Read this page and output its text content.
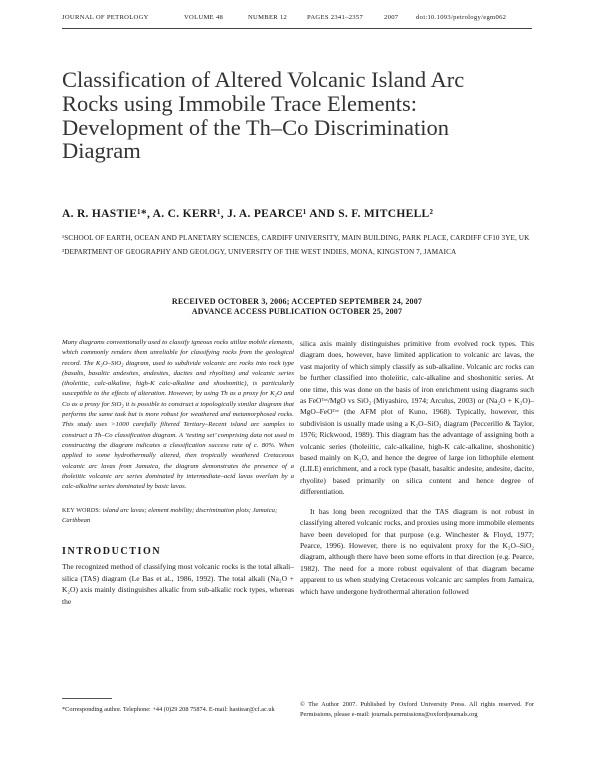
JOURNAL OF PETROLOGY	VOLUME 48	NUMBER 12	PAGES 2341–2357	2007	doi:10.1093/petrology/egm062
Classification of Altered Volcanic Island Arc
Rocks using Immobile Trace Elements:
Development of the Th–Co Discrimination
Diagram
A. R. HASTIE¹*, A. C. KERR¹, J. A. PEARCE¹ AND S. F. MITCHELL²
¹SCHOOL OF EARTH, OCEAN AND PLANETARY SCIENCES, CARDIFF UNIVERSITY, MAIN BUILDING, PARK PLACE, CARDIFF CF10 3YE, UK
²DEPARTMENT OF GEOGRAPHY AND GEOLOGY, UNIVERSITY OF THE WEST INDIES, MONA, KINGSTON 7, JAMAICA
RECEIVED OCTOBER 3, 2006; ACCEPTED SEPTEMBER 24, 2007
ADVANCE ACCESS PUBLICATION OCTOBER 25, 2007

Many diagrams conventionally used to classify igneous rocks utilize mobile elements, which commonly renders them unreliable for classifying rocks from the geological record. The K₂O–SiO₂ diagram, used to subdivide volcanic arc rocks into rock type (basalts, basaltic andesites, andesites, dacites and rhyolites) and volcanic series (tholeiitic, calc-alkaline, high-K calc-alkaline and shoshonitic), is particularly susceptible to the effects of alteration. However, by using Th as a proxy for K₂O and Co as a proxy for SiO₂ it is possible to construct a topologically similar diagram that performs the same task but is more robust for weathered and metamorphosed rocks. This study uses >1000 carefully filtered Tertiary–Recent island arc samples to construct a Th–Co classification diagram. A ‘testing set’ comprising data not used in constructing the diagram indicates a classification success rate of c. 80%. When applied to some hydrothermally altered, then tropically weathered Cretaceous volcanic arc lavas from Jamaica, the diagram demonstrates the presence of a tholeiitic volcanic arc series dominated by intermediate–acid lavas overlain by a calc-alkaline series dominated by basic lavas.

KEY WORDS: island arc lavas; element mobility; discrimination plots; Jamaica; Caribbean

INTRODUCTION

The recognized method of classifying most volcanic rocks is the total alkali–silica (TAS) diagram (Le Bas et al., 1986, 1992). The total alkali (Na₂O + K₂O) axis mainly distinguishes alkalic from sub-alkalic rock types, whereas the

silica axis mainly distinguishes primitive from evolved rock types. This diagram does, however, have limited application to volcanic arc lavas, the vast majority of which simply classify as sub-alkaline. Volcanic arc rocks can be further classified into tholeiitic, calc-alkaline and shoshonitic series. At one time, this was done on the basis of iron enrichment using diagrams such as FeOᵀᵒᵗ/MgO vs SiO₂ (Miyashiro, 1974; Arculus, 2003) or (Na₂O + K₂O)–MgO–FeOᵀᵒᵗ (the AFM plot of Kuno, 1968). Typically, however, this subdivision is usually made using a K₂O–SiO₂ diagram (Peccerillo & Taylor, 1976; Rickwood, 1989). This diagram has the advantage of assigning both a volcanic series (tholeiitic, calc-alkaline, high-K calc-alkaline, shoshonitic) based mainly on K₂O, and hence the degree of large ion lithophile element (LILE) enrichment, and a rock type (basalt, basaltic andesite, andesite, dacite, rhyolite) based primarily on silica content and hence degree of differentiation.

It has long been recognized that the TAS diagram is not robust in classifying altered volcanic rocks, and proxies using more immobile elements have been developed for that purpose (e.g. Winchester & Floyd, 1977; Pearce, 1996). However, there is no equivalent proxy for the K₂O–SiO₂ diagram, although there have been some efforts in that direction (e.g. Pearce, 1982). The need for a more robust equivalent of that diagram became apparent to us when studying Cretaceous volcanic arc samples from Jamaica, which have undergone hydrothermal alteration followed

*Corresponding author. Telephone: +44 (0)29 208 75874. E-mail: hastiear@cf.ac.uk
© The Author 2007. Published by Oxford University Press. All rights reserved. For Permissions, please e-mail: journals.permissions@oxfordjournals.org
